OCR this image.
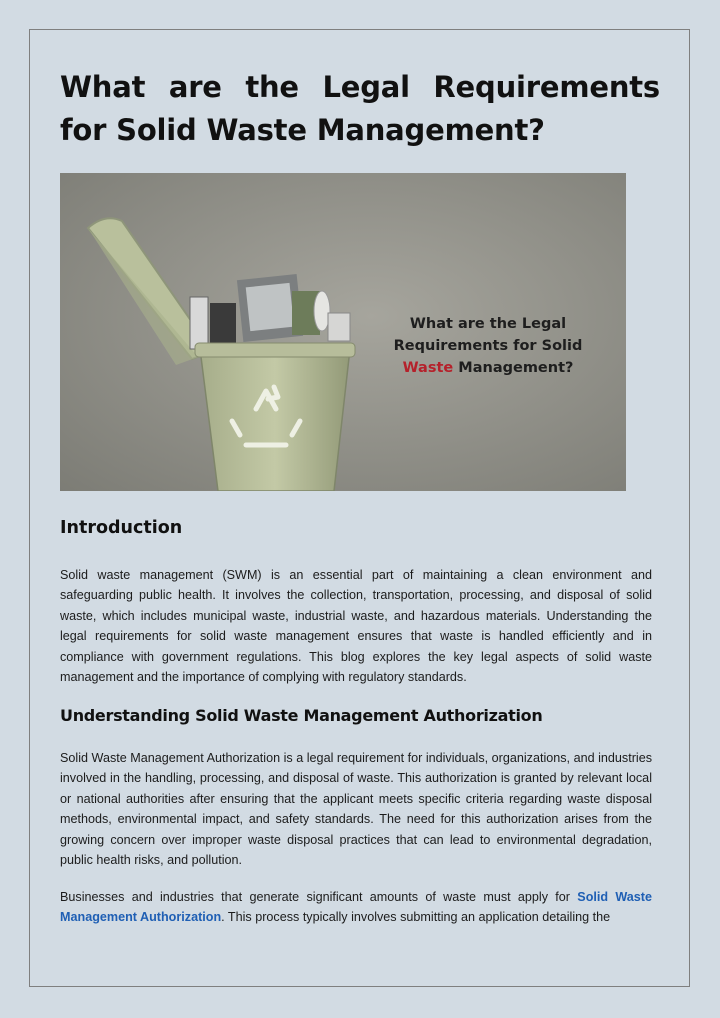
What are the Legal Requirements for Solid Waste Management?
What are the Legal
Requirements for Solid
Waste Management?
Introduction

Solid waste management (SWM) is an essential part of maintaining a clean environment and safeguarding public health. It involves the collection, transportation, processing, and disposal of solid waste, which includes municipal waste, industrial waste, and hazardous materials. Understanding the legal requirements for solid waste management ensures that waste is handled efficiently and in compliance with government regulations. This blog explores the key legal aspects of solid waste management and the importance of complying with regulatory standards.

Understanding Solid Waste Management Authorization

Solid Waste Management Authorization is a legal requirement for individuals, organizations, and industries involved in the handling, processing, and disposal of waste. This authorization is granted by relevant local or national authorities after ensuring that the applicant meets specific criteria regarding waste disposal methods, environmental impact, and safety standards. The need for this authorization arises from the growing concern over improper waste disposal practices that can lead to environmental degradation, public health risks, and pollution.

Businesses and industries that generate significant amounts of waste must apply for Solid Waste Management Authorization. This process typically involves submitting an application detailing the
